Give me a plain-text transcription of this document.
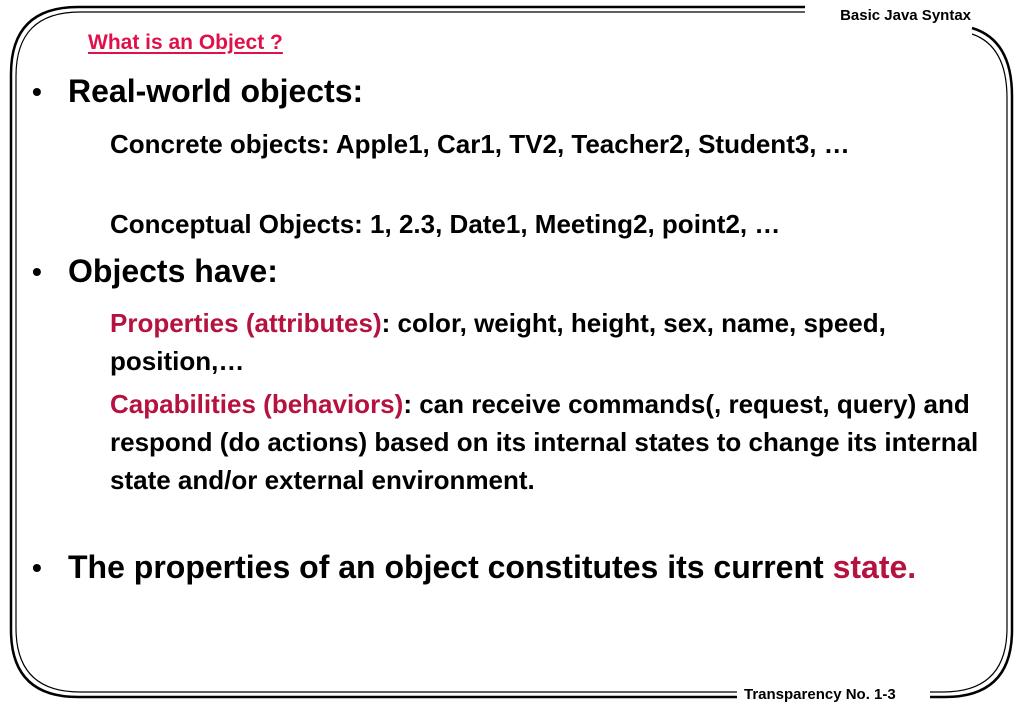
Basic Java Syntax
Transparency No. 1-3
What is an Object ?
• Real-world objects:
Concrete objects: Apple1, Car1, TV2, Teacher2, Student3, …
Conceptual Objects: 1, 2.3, Date1, Meeting2, point2, …
• Objects have:
Properties (attributes): color, weight, height, sex, name, speed, position,…
Capabilities (behaviors): can receive commands(, request, query) and respond (do actions) based on its internal states to change its internal state and/or external environment.
• The properties of an object constitutes its current state.
